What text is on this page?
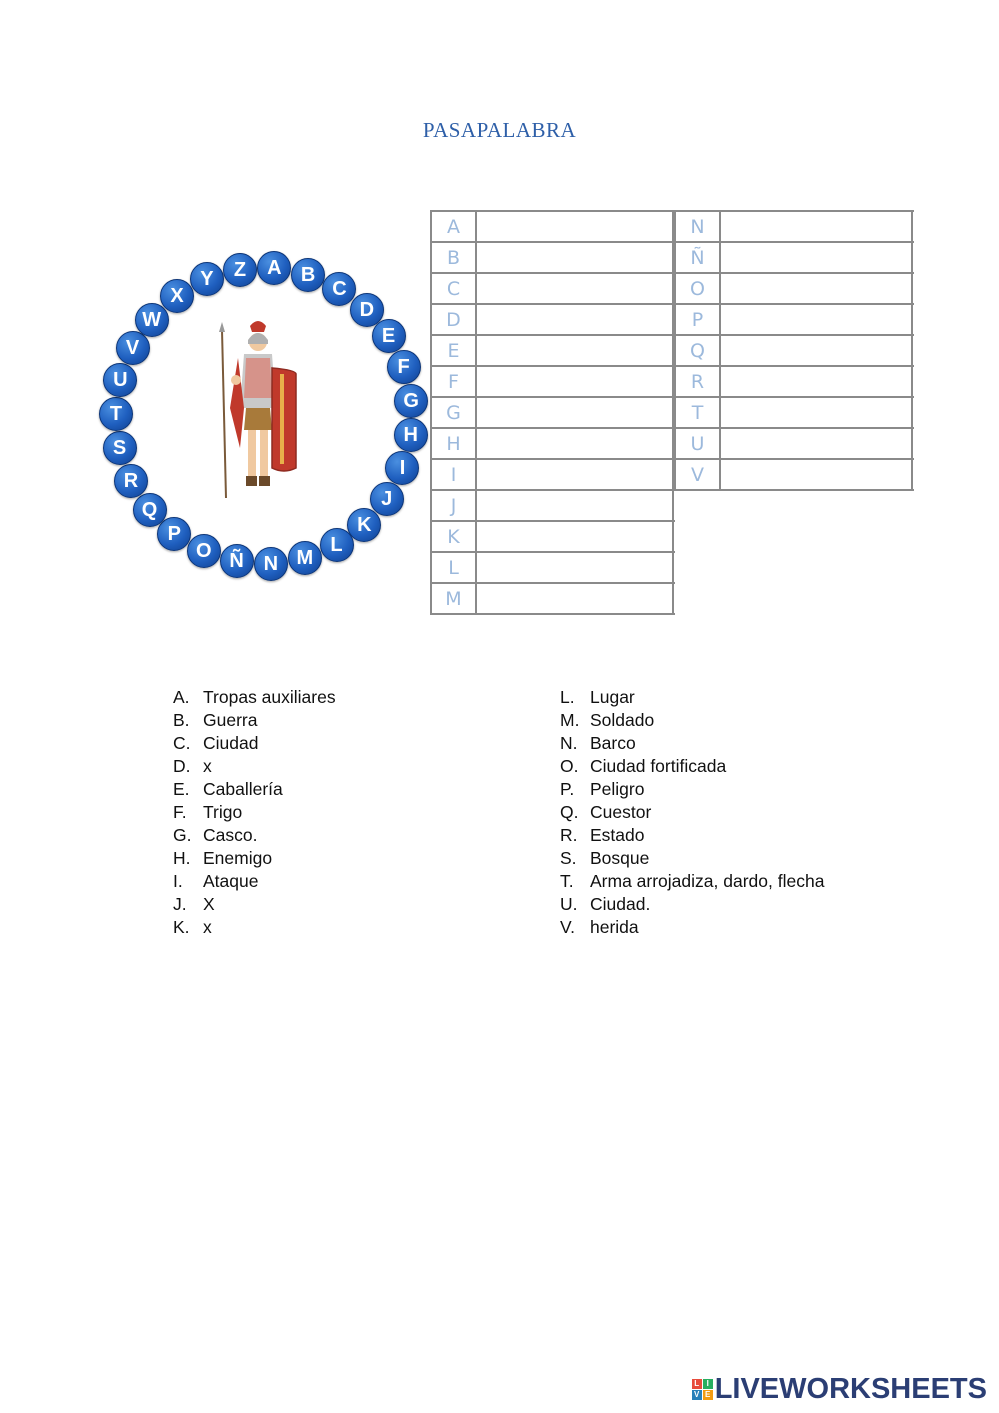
PASAPALABRA
A B
C
D
E
F
G
H
I
J
K
L
M
N
Ñ
O
P
Q
R
S
T
U
V
W
X
Y	Z
A
B
C
D
E
F
G
H
I
J
K
L
M
N
Ñ
O
P
Q
R
T
U
V
A. Tropas auxiliares
B. Guerra
C. Ciudad
D. x
E. Caballería
F. Trigo
G. Casco.
H. Enemigo
I. Ataque
J. X
K. x
L. Lugar
M. Soldado
N. Barco
O. Ciudad fortificada
P. Peligro
Q. Cuestor
R. Estado
S. Bosque
T. Arma arrojadiza, dardo, flecha
U. Ciudad.
V. herida
L I
V E LIVEWORKSHEETS
